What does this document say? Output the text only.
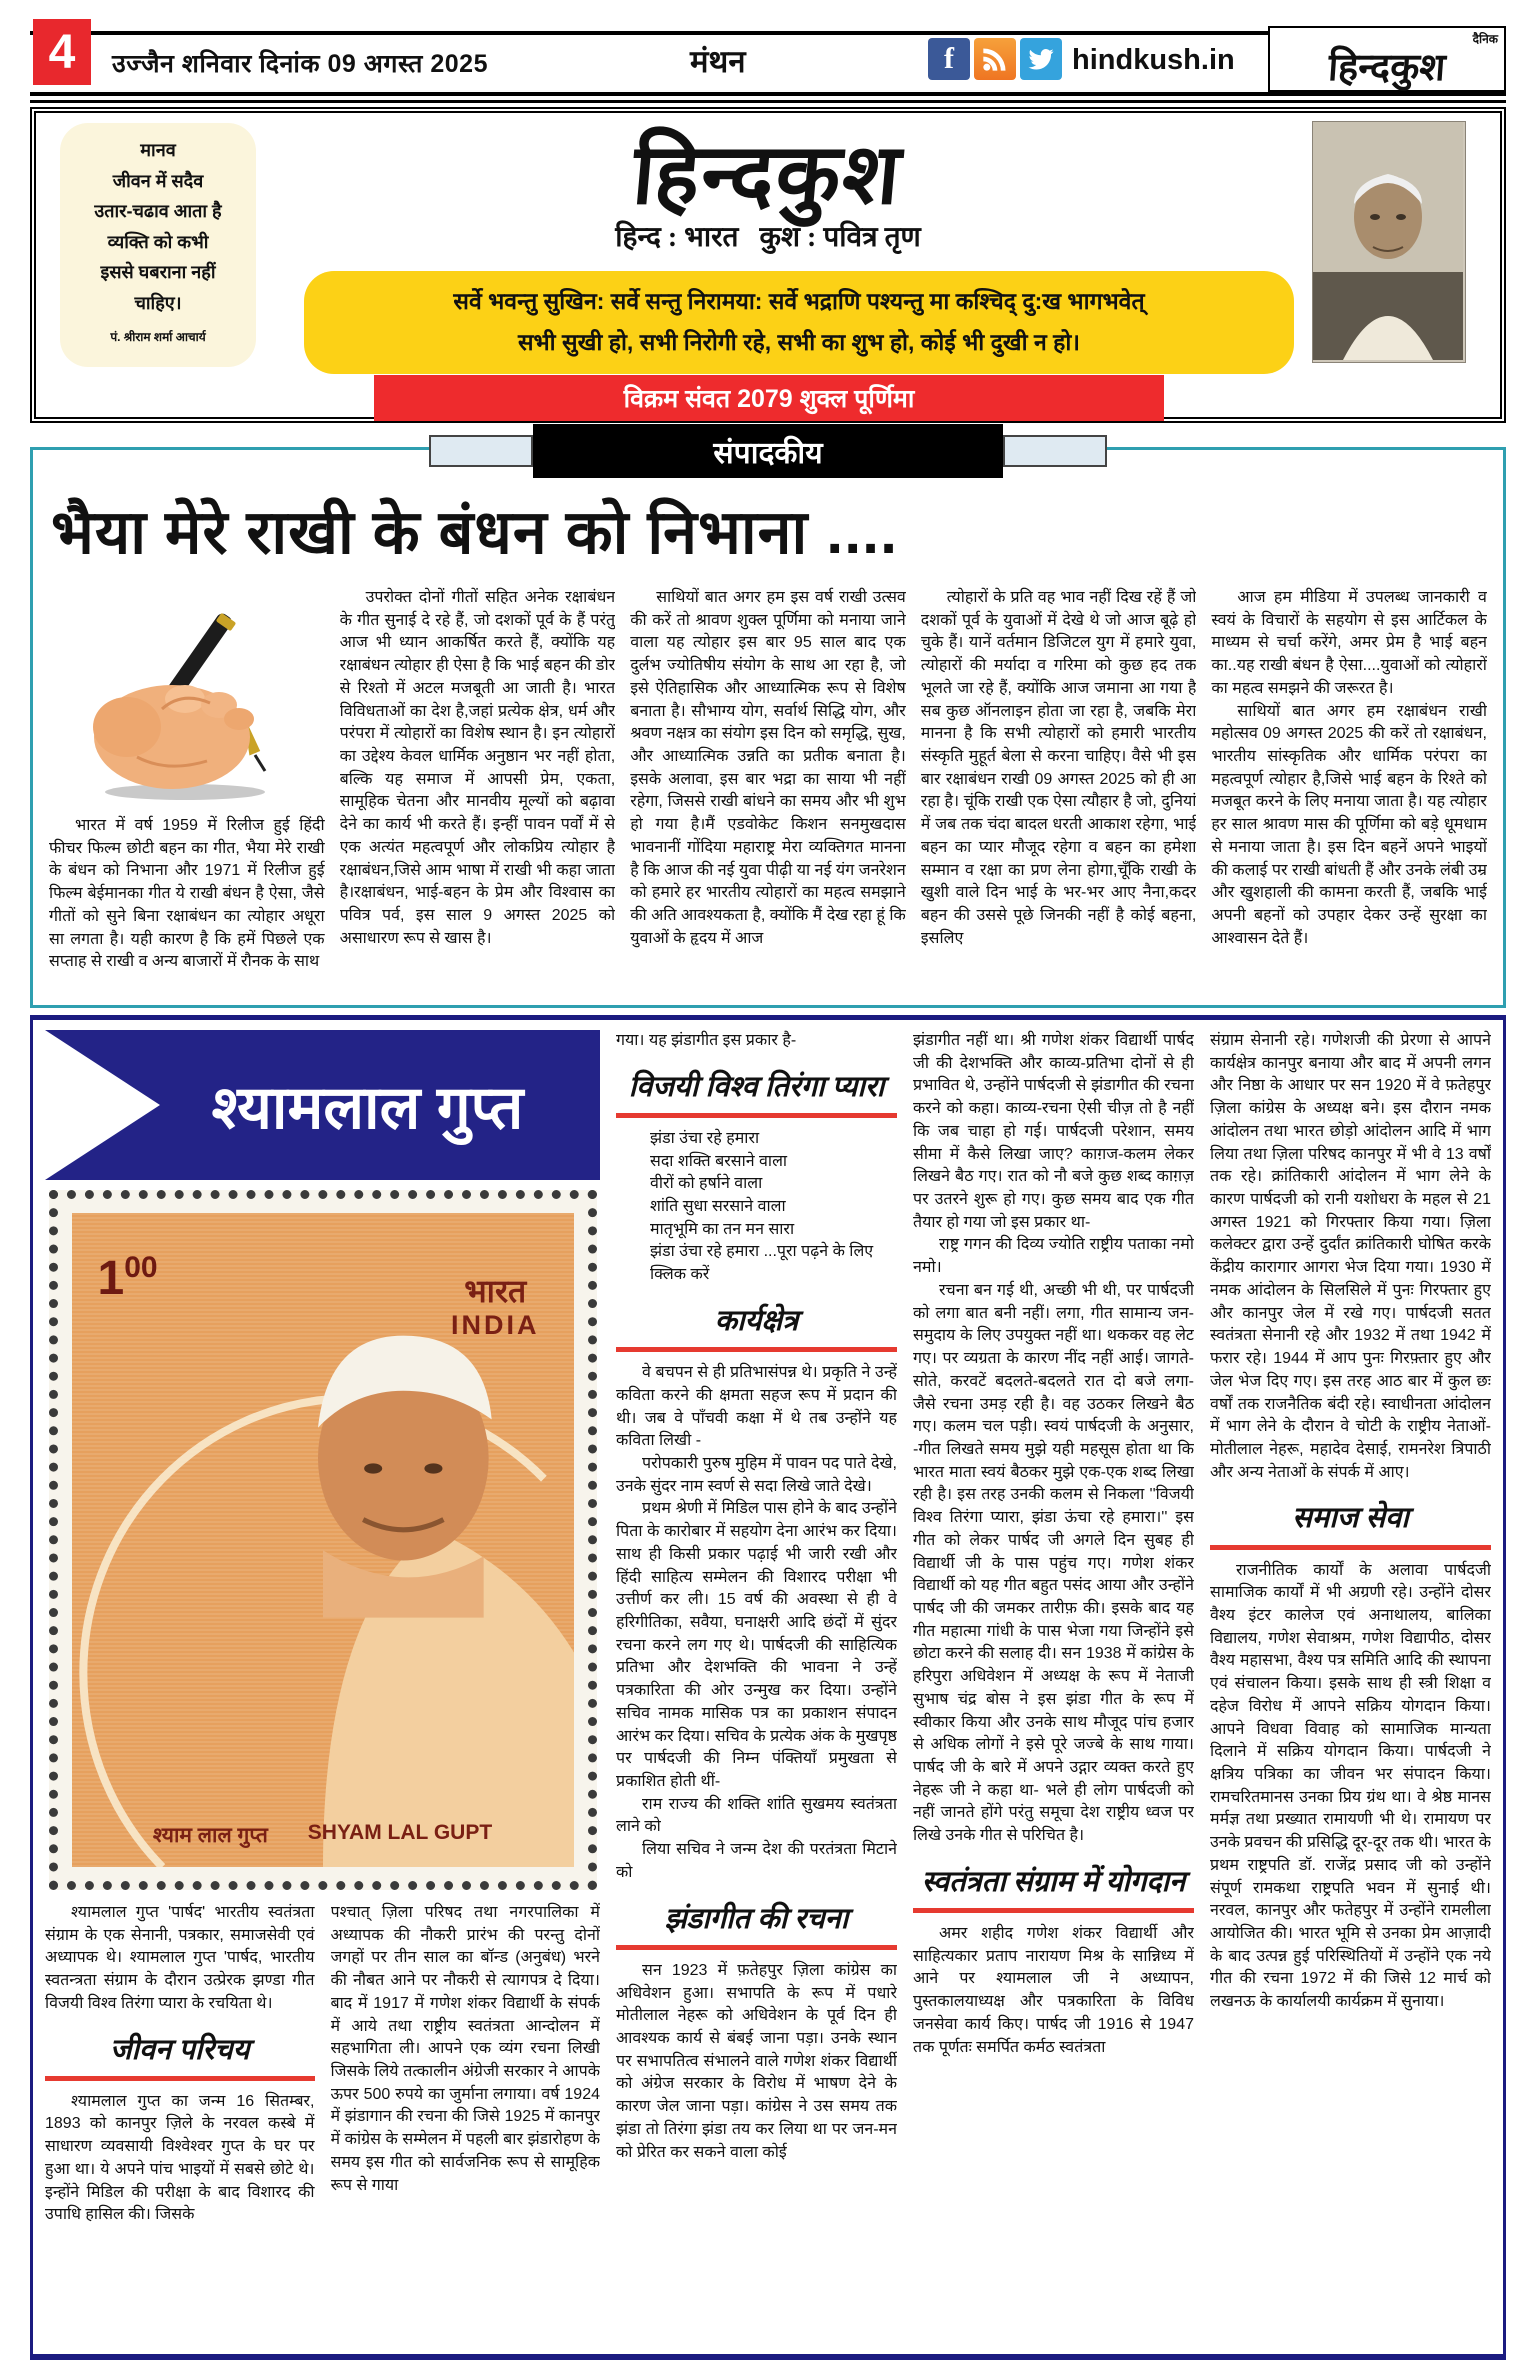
4	उज्जैन शनिवार दिनांक 09 अगस्त 2025	मंथन f	hindkush.in
दैनिक
हिन्दकुश
मानव
जीवन में सदैव
उतार-चढाव आता है
व्यक्ति को कभी
इससे घबराना नहीं
चाहिए।
पं. श्रीराम शर्मा आचार्य
हिन्दकुश
हिन्द : भारत   कुश : पवित्र तृण
सर्वे भवन्तु सुखिन: सर्वे सन्तु निरामया: सर्वे भद्राणि पश्यन्तु मा कश्चिद् दु:ख भागभवेत्
सभी सुखी हो, सभी निरोगी रहे, सभी का शुभ हो, कोई भी दुखी न हो।
विक्रम संवत 2079 शुक्ल पूर्णिमा
संपादकीय
भैया मेरे राखी के बंधन को निभाना ....

भारत में वर्ष 1959 में रिलीज हुई हिंदी फीचर फिल्म छोटी बहन का गीत, भैया मेरे राखी के बंधन को निभाना और 1971 में रिलीज हुई फिल्म बेईमानका गीत ये राखी बंधन है ऐसा, जैसे गीतों को सुने बिना रक्षाबंधन का त्योहार अधूरा सा लगता है। यही कारण है कि हमें पिछले एक सप्ताह से राखी व अन्य बाजारों में रौनक के साथ

उपरोक्त दोनों गीतों सहित अनेक रक्षाबंधन के गीत सुनाई दे रहे हैं, जो दशकों पूर्व के हैं परंतु आज भी ध्यान आकर्षित करते हैं, क्योंकि यह रक्षाबंधन त्योहार ही ऐसा है कि भाई बहन की डोर से रिश्तो में अटल मजबूती आ जाती है। भारत विविधताओं का देश है,जहां प्रत्येक क्षेत्र, धर्म और परंपरा में त्योहारों का विशेष स्थान है। इन त्योहारों का उद्देश्य केवल धार्मिक अनुष्ठान भर नहीं होता, बल्कि यह समाज में आपसी प्रेम, एकता, सामूहिक चेतना और मानवीय मूल्यों को बढ़ावा देने का कार्य भी करते हैं। इन्हीं पावन पर्वों में से एक अत्यंत महत्वपूर्ण और लोकप्रिय त्योहार है रक्षाबंधन,जिसे आम भाषा में राखी भी कहा जाता है।रक्षाबंधन, भाई-बहन के प्रेम और विश्वास का पवित्र पर्व, इस साल 9 अगस्त 2025 को असाधारण रूप से खास है।

साथियों बात अगर हम इस वर्ष राखी उत्सव की करें तो श्रावण शुक्ल पूर्णिमा को मनाया जाने वाला यह त्योहार इस बार 95 साल बाद एक दुर्लभ ज्योतिषीय संयोग के साथ आ रहा है, जो इसे ऐतिहासिक और आध्यात्मिक रूप से विशेष बनाता है। सौभाग्य योग, सर्वार्थ सिद्धि योग, और श्रवण नक्षत्र का संयोग इस दिन को समृद्धि, सुख, और आध्यात्मिक उन्नति का प्रतीक बनाता है। इसके अलावा, इस बार भद्रा का साया भी नहीं रहेगा, जिससे राखी बांधने का समय और भी शुभ हो गया है।मैं एडवोकेट किशन सनमुखदास भावनानीं गोंदिया महाराष्ट्र मेरा व्यक्तिगत मानना है कि आज की नई युवा पीढ़ी या नई यंग जनरेशन को हमारे हर भारतीय त्योहारों का महत्व समझाने की अति आवश्यकता है, क्योंकि मैं देख रहा हूं कि युवाओं के हृदय में आज

त्योहारों के प्रति वह भाव नहीं दिख रहें हैं जो दशकों पूर्व के युवाओं में देखे थे जो आज बूढ़े हो चुके हैं। यानें वर्तमान डिजिटल युग में हमारे युवा, त्योहारों की मर्यादा व गरिमा को कुछ हद तक भूलते जा रहे हैं, क्योंकि आज जमाना आ गया है सब कुछ ऑनलाइन होता जा रहा है, जबकि मेरा मानना है कि सभी त्योहारों को हमारी भारतीय संस्कृति मुहूर्त बेला से करना चाहिए। वैसे भी इस बार रक्षाबंधन राखी 09 अगस्त 2025 को ही आ रहा है। चूंकि राखी एक ऐसा त्यौहार है जो, दुनियां में जब तक चंदा बादल धरती आकाश रहेगा, भाई बहन का प्यार मौजूद रहेगा व बहन का हमेशा सम्मान व रक्षा का प्रण लेना होगा,चूँकि राखी के खुशी वाले दिन भाई के भर-भर आए नैना,कदर बहन की उससे पूछे जिनकी नहीं है कोई बहना, इसलिए

आज हम मीडिया में उपलब्ध जानकारी व स्वयं के विचारों के सहयोग से इस आर्टिकल के माध्यम से चर्चा करेंगे, अमर प्रेम है भाई बहन का..यह राखी बंधन है ऐसा....युवाओं को त्योहारों का महत्व समझने की जरूरत है।

साथियों बात अगर हम रक्षाबंधन राखी महोत्सव 09 अगस्त 2025 की करें तो रक्षाबंधन, भारतीय सांस्कृतिक और धार्मिक परंपरा का महत्वपूर्ण त्योहार है,जिसे भाई बहन के रिश्ते को मजबूत करने के लिए मनाया जाता है। यह त्योहार हर साल श्रावण मास की पूर्णिमा को बड़े धूमधाम से मनाया जाता है। इस दिन बहनें अपने भाइयों की कलाई पर राखी बांधती हैं और उनके लंबी उम्र और खुशहाली की कामना करती हैं, जबकि भाई अपनी बहनों को उपहार देकर उन्हें सुरक्षा का आश्वासन देते हैं।

श्यामलाल गुप्त
$1^{00}$
भारत
INDIA
श्याम लाल गुप्त SHYAM LAL GUPT

श्यामलाल गुप्त 'पार्षद' भारतीय स्वतंत्रता संग्राम के एक सेनानी, पत्रकार, समाजसेवी एवं अध्यापक थे। श्यामलाल गुप्त 'पार्षद, भारतीय स्वतन्त्रता संग्राम के दौरान उत्प्रेरक झण्डा गीत विजयी विश्व तिरंगा प्यारा के रचयिता थे।

जीवन परिचय

श्यामलाल गुप्त का जन्म 16 सितम्बर, 1893 को कानपुर ज़िले के नरवल कस्बे में साधारण व्यवसायी विश्वेश्वर गुप्त के घर पर हुआ था। ये अपने पांच भाइयों में सबसे छोटे थे। इन्होंने मिडिल की परीक्षा के बाद विशारद की उपाधि हासिल की। जिसके

पश्चात् ज़िला परिषद तथा नगरपालिका में अध्यापक की नौकरी प्रारंभ की परन्तु दोनों जगहों पर तीन साल का बॉन्ड (अनुबंध) भरने की नौबत आने पर नौकरी से त्यागपत्र दे दिया। बाद में 1917 में गणेश शंकर विद्यार्थी के संपर्क में आये तथा राष्ट्रीय स्वतंत्रता आन्दोलन में सहभागिता ली। आपने एक व्यंग रचना लिखी जिसके लिये तत्कालीन अंग्रेजी सरकार ने आपके ऊपर 500 रुपये का जुर्माना लगाया। वर्ष 1924 में झंडागान की रचना की जिसे 1925 में कानपुर में कांग्रेस के सम्मेलन में पहली बार झंडारोहण के समय इस गीत को सार्वजनिक रूप से सामूहिक रूप से गाया

गया। यह झंडागीत इस प्रकार है-

विजयी विश्व तिरंगा प्यारा

झंडा उंचा रहे हमारा

सदा शक्ति बरसाने वाला

वीरों को हर्षाने वाला

शांति सुधा सरसाने वाला

मातृभूमि का तन मन सारा

झंडा उंचा रहे हमारा ...पूरा पढ़ने के लिए क्लिक करें

कार्यक्षेत्र

वे बचपन से ही प्रतिभासंपन्न थे। प्रकृति ने उन्हें कविता करने की क्षमता सहज रूप में प्रदान की थी। जब वे पाँचवी कक्षा में थे तब उन्होंने यह कविता लिखी -

परोपकारी पुरुष मुहिम में पावन पद पाते देखे, उनके सुंदर नाम स्वर्ण से सदा लिखे जाते देखे।

प्रथम श्रेणी में मिडिल पास होने के बाद उन्होंने पिता के कारोबार में सहयोग देना आरंभ कर दिया। साथ ही किसी प्रकार पढ़ाई भी जारी रखी और हिंदी साहित्य सम्मेलन की विशारद परीक्षा भी उत्तीर्ण कर ली। 15 वर्ष की अवस्था से ही वे हरिगीतिका, सवैया, घनाक्षरी आदि छंदों में सुंदर रचना करने लग गए थे। पार्षदजी की साहित्यिक प्रतिभा और देशभक्ति की भावना ने उन्हें पत्रकारिता की ओर उन्मुख कर दिया। उन्होंने सचिव नामक मासिक पत्र का प्रकाशन संपादन आरंभ कर दिया। सचिव के प्रत्येक अंक के मुखपृष्ठ पर पार्षदजी की निम्न पंक्तियाँ प्रमुखता से प्रकाशित होती थीं-

राम राज्य की शक्ति शांति सुखमय स्वतंत्रता लाने को

लिया सचिव ने जन्म देश की परतंत्रता मिटाने को

झंडागीत की रचना

सन 1923 में फ़तेहपुर ज़िला कांग्रेस का अधिवेशन हुआ। सभापति के रूप में पधारे मोतीलाल नेहरू को अधिवेशन के पूर्व दिन ही आवश्यक कार्य से बंबई जाना पड़ा। उनके स्थान पर सभापतित्व संभालने वाले गणेश शंकर विद्यार्थी को अंग्रेज सरकार के विरोध में भाषण देने के कारण जेल जाना पड़ा। कांग्रेस ने उस समय तक झंडा तो तिरंगा झंडा तय कर लिया था पर जन-मन को प्रेरित कर सकने वाला कोई

झंडागीत नहीं था। श्री गणेश शंकर विद्यार्थी पार्षद जी की देशभक्ति और काव्य-प्रतिभा दोनों से ही प्रभावित थे, उन्होंने पार्षदजी से झंडागीत की रचना करने को कहा। काव्य-रचना ऐसी चीज़ तो है नहीं कि जब चाहा हो गई। पार्षदजी परेशान, समय सीमा में कैसे लिखा जाए? काग़ज-कलम लेकर लिखने बैठ गए। रात को नौ बजे कुछ शब्द काग़ज़ पर उतरने शुरू हो गए। कुछ समय बाद एक गीत तैयार हो गया जो इस प्रकार था-

राष्ट्र गगन की दिव्य ज्योति राष्ट्रीय पताका नमो नमो।

रचना बन गई थी, अच्छी भी थी, पर पार्षदजी को लगा बात बनी नहीं। लगा, गीत सामान्य जन-समुदाय के लिए उपयुक्त नहीं था। थककर वह लेट गए। पर व्यग्रता के कारण नींद नहीं आई। जागते-सोते, करवटें बदलते-बदलते रात दो बजे लगा- जैसे रचना उमड़ रही है। वह उठकर लिखने बैठ गए। कलम चल पड़ी। स्वयं पार्षदजी के अनुसार, -गीत लिखते समय मुझे यही महसूस होता था कि भारत माता स्वयं बैठकर मुझे एक-एक शब्द लिखा रही है। इस तरह उनकी कलम से निकला ''विजयी विश्व तिरंगा प्यारा, झंडा ऊंचा रहे हमारा।'' इस गीत को लेकर पार्षद जी अगले दिन सुबह ही विद्यार्थी जी के पास पहुंच गए। गणेश शंकर विद्यार्थी को यह गीत बहुत पसंद आया और उन्होंने पार्षद जी की जमकर तारीफ़ की। इसके बाद यह गीत महात्मा गांधी के पास भेजा गया जिन्होंने इसे छोटा करने की सलाह दी। सन 1938 में कांग्रेस के हरिपुरा अधिवेशन में अध्यक्ष के रूप में नेताजी सुभाष चंद्र बोस ने इस झंडा गीत के रूप में स्वीकार किया और उनके साथ मौजूद पांच हजार से अधिक लोगों ने इसे पूरे जज्बे के साथ गाया। पार्षद जी के बारे में अपने उद्गार व्यक्त करते हुए नेहरू जी ने कहा था- भले ही लोग पार्षदजी को नहीं जानते होंगे परंतु समूचा देश राष्ट्रीय ध्वज पर लिखे उनके गीत से परिचित है।

स्वतंत्रता संग्राम में योगदान

अमर शहीद गणेश शंकर विद्यार्थी और साहित्यकार प्रताप नारायण मिश्र के सान्निध्य में आने पर श्यामलाल जी ने अध्यापन, पुस्तकालयाध्यक्ष और पत्रकारिता के विविध जनसेवा कार्य किए। पार्षद जी 1916 से 1947 तक पूर्णतः समर्पित कर्मठ स्वतंत्रता

संग्राम सेनानी रहे। गणेशजी की प्रेरणा से आपने कार्यक्षेत्र कानपुर बनाया और बाद में अपनी लगन और निष्ठा के आधार पर सन 1920 में वे फ़तेहपुर ज़िला कांग्रेस के अध्यक्ष बने। इस दौरान नमक आंदोलन तथा भारत छोड़ो आंदोलन आदि में भाग लिया तथा ज़िला परिषद कानपुर में भी वे 13 वर्षों तक रहे। क्रांतिकारी आंदोलन में भाग लेने के कारण पार्षदजी को रानी यशोधरा के महल से 21 अगस्त 1921 को गिरफ्तार किया गया। ज़िला कलेक्टर द्वारा उन्हें दुर्दांत क्रांतिकारी घोषित करके केंद्रीय कारागार आगरा भेज दिया गया। 1930 में नमक आंदोलन के सिलसिले में पुनः गिरफ्तार हुए और कानपुर जेल में रखे गए। पार्षदजी सतत स्वतंत्रता सेनानी रहे और 1932 में तथा 1942 में फरार रहे। 1944 में आप पुनः गिरफ़्तार हुए और जेल भेज दिए गए। इस तरह आठ बार में कुल छः वर्षों तक राजनैतिक बंदी रहे। स्वाधीनता आंदोलन में भाग लेने के दौरान वे चोटी के राष्ट्रीय नेताओं- मोतीलाल नेहरू, महादेव देसाई, रामनरेश त्रिपाठी और अन्य नेताओं के संपर्क में आए।

समाज सेवा

राजनीतिक कार्यों के अलावा पार्षदजी सामाजिक कार्यों में भी अग्रणी रहे। उन्होंने दोसर वैश्य इंटर कालेज एवं अनाथालय, बालिका विद्यालय, गणेश सेवाश्रम, गणेश विद्यापीठ, दोसर वैश्य महासभा, वैश्य पत्र समिति आदि की स्थापना एवं संचालन किया। इसके साथ ही स्त्री शिक्षा व दहेज विरोध में आपने सक्रिय योगदान किया। आपने विधवा विवाह को सामाजिक मान्यता दिलाने में सक्रिय योगदान किया। पार्षदजी ने क्षत्रिय पत्रिका का जीवन भर संपादन किया। रामचरितमानस उनका प्रिय ग्रंथ था। वे श्रेष्ठ मानस मर्मज्ञ तथा प्रख्यात रामायणी भी थे। रामायण पर उनके प्रवचन की प्रसिद्धि दूर-दूर तक थी। भारत के प्रथम राष्ट्रपति डॉ. राजेंद्र प्रसाद जी को उन्होंने संपूर्ण रामकथा राष्ट्रपति भवन में सुनाई थी। नरवल, कानपुर और फतेहपुर में उन्होंने रामलीला आयोजित की। भारत भूमि से उनका प्रेम आज़ादी के बाद उत्पन्न हुई परिस्थितियों में उन्होंने एक नये गीत की रचना 1972 में की जिसे 12 मार्च को लखनऊ के कार्यालयी कार्यक्रम में सुनाया।
